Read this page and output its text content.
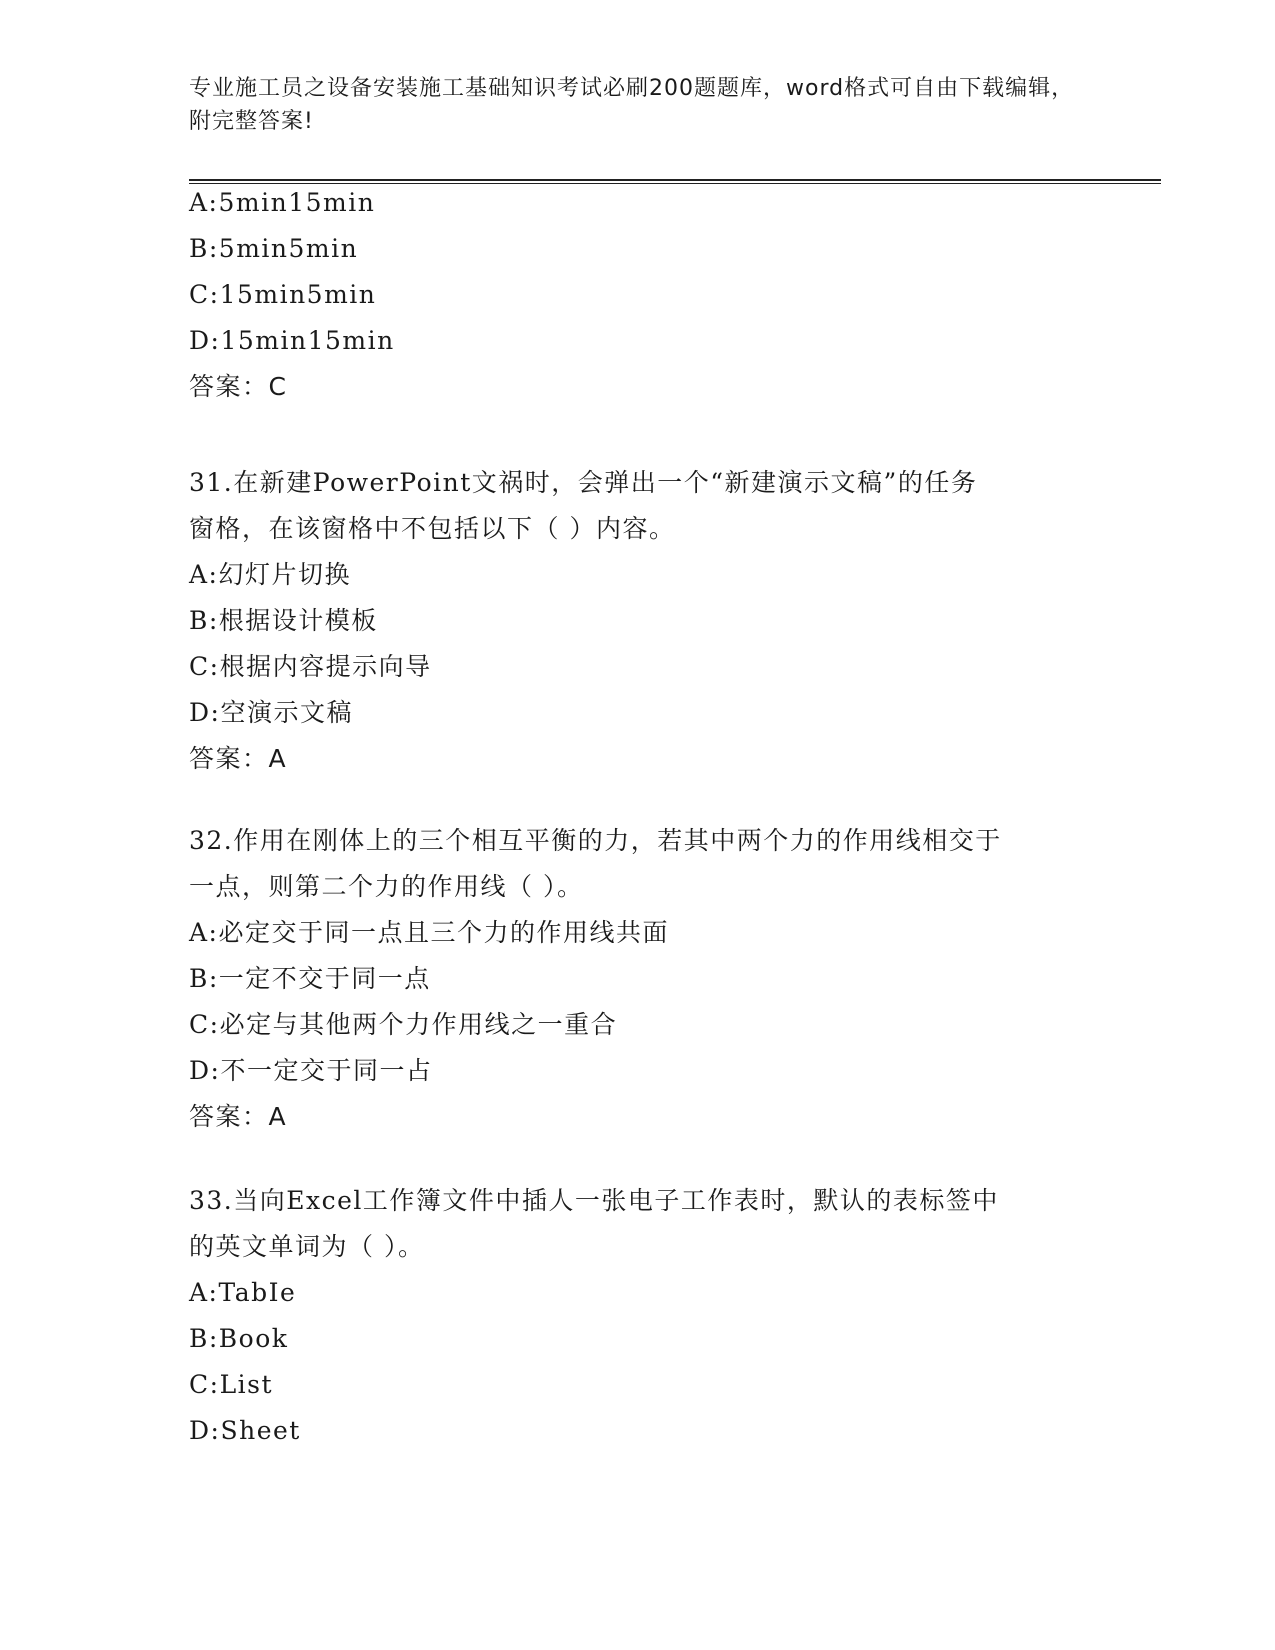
专业施工员之设备安装施工基础知识考试必刷200题题库，word格式可自由下载编辑，附完整答案!
A:5min15min
B:5min5min
C:15min5min
D:15min15min
答案：C
31.在新建PowerPoint文祸时，会弹出一个“新建演示文稿”的任务
窗格，在该窗格中不包括以下（ ）内容。
A:幻灯片切换
B:根据设计模板
C:根据内容提示向导
D:空演示文稿
答案：A
32.作用在刚体上的三个相互平衡的力，若其中两个力的作用线相交于
一点，则第二个力的作用线（ ）。
A:必定交于同一点且三个力的作用线共面
B:一定不交于同一点
C:必定与其他两个力作用线之一重合
D:不一定交于同一占
答案：A
33.当向Excel工作簿文件中插人一张电子工作表时，默认的表标签中
的英文单词为（ ）。
A:TabIe
B:Book
C:List
D:Sheet
